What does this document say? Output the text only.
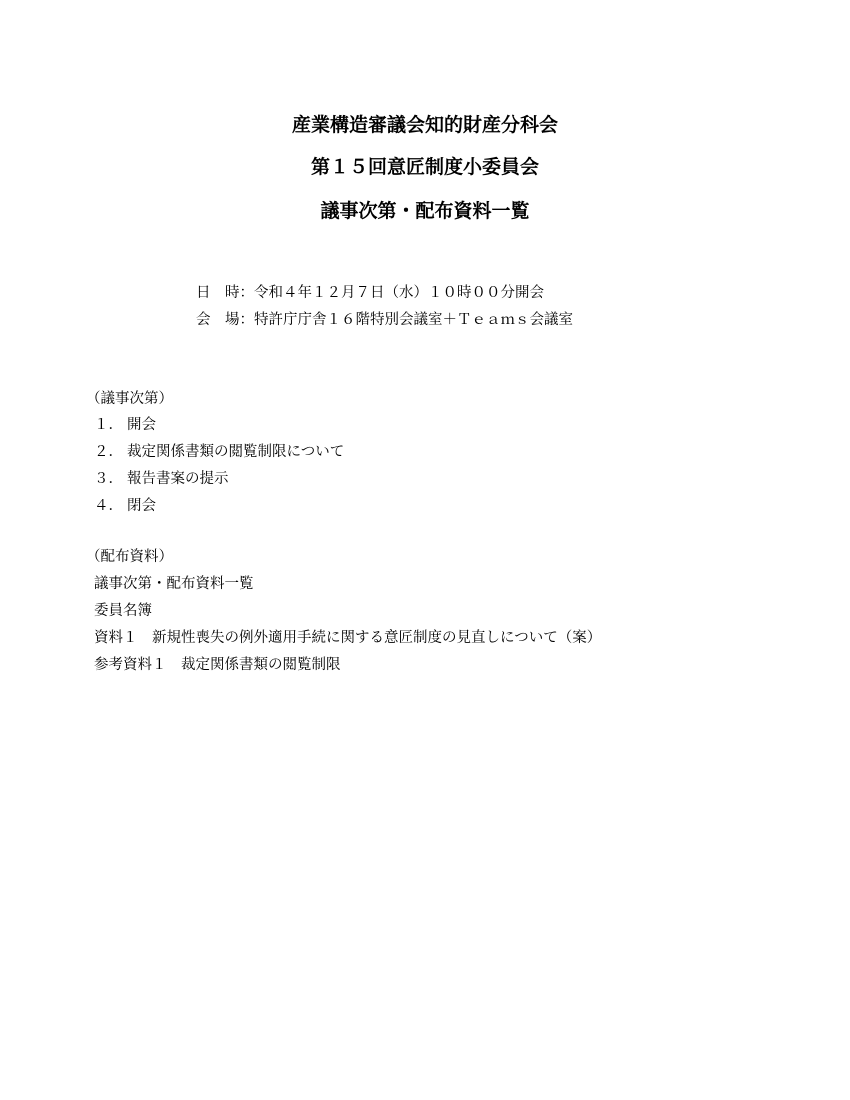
産業構造審議会知的財産分科会
第１５回意匠制度小委員会
議事次第・配布資料一覧
日　時：令和４年１２月７日（水）１０時００分開会
会　場：特許庁庁舎１６階特別会議室＋Ｔｅａｍｓ会議室
（議事次第）
１． 開会
２． 裁定関係書類の閲覧制限について
３． 報告書案の提示
４． 閉会
（配布資料）
議事次第・配布資料一覧
委員名簿
資料１　新規性喪失の例外適用手続に関する意匠制度の見直しについて（案）
参考資料１　裁定関係書類の閲覧制限
